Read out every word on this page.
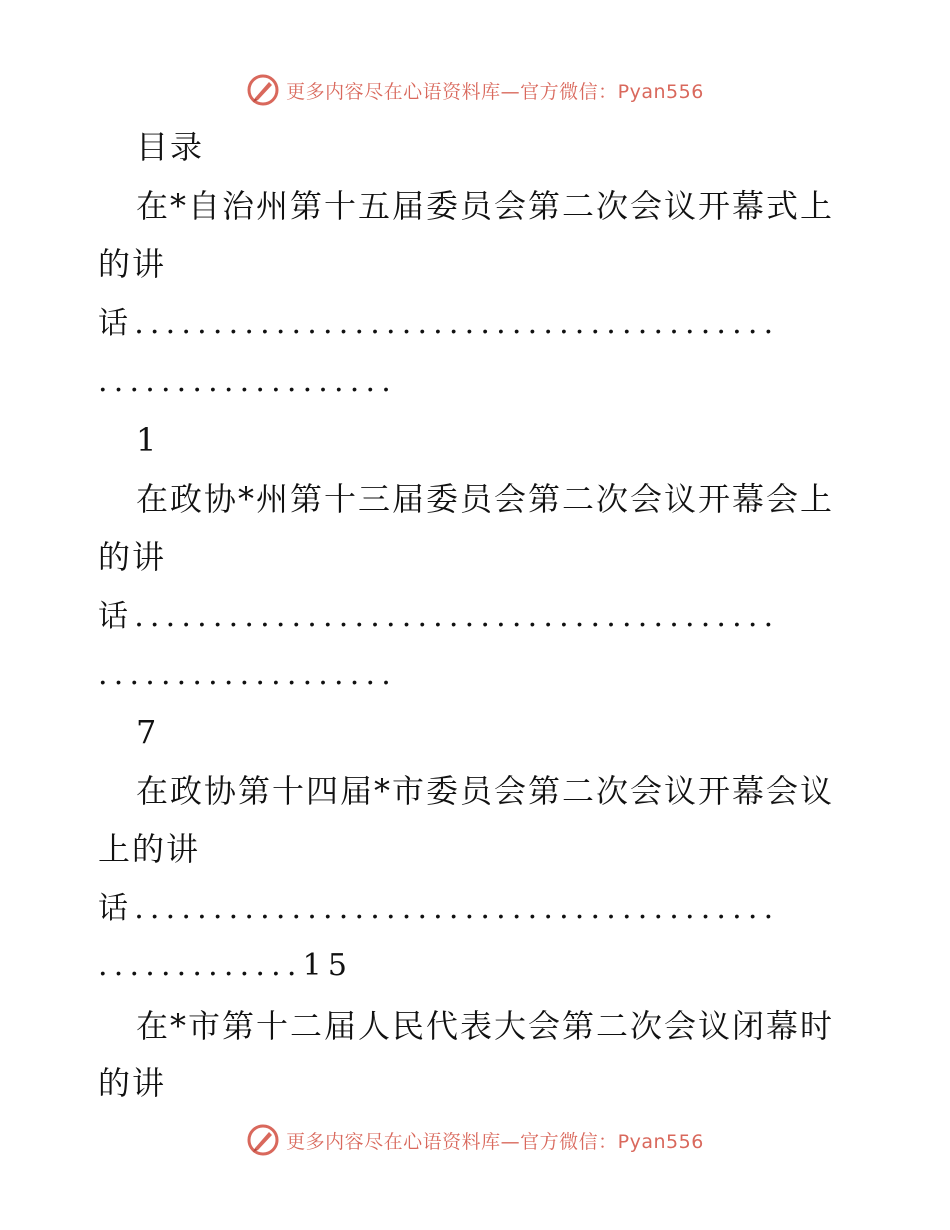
更多内容尽在心语资料库—官方微信：Pyan556
目录
在*自治州第十五届委员会第二次会议开幕式上
的讲
话.........................................
...................
1
在政协*州第十三届委员会第二次会议开幕会上
的讲
话.........................................
...................
7
在政协第十四届*市委员会第二次会议开幕会议
上的讲
话.........................................
.............15
在*市第十二届人民代表大会第二次会议闭幕时
的讲
更多内容尽在心语资料库—官方微信：Pyan556
